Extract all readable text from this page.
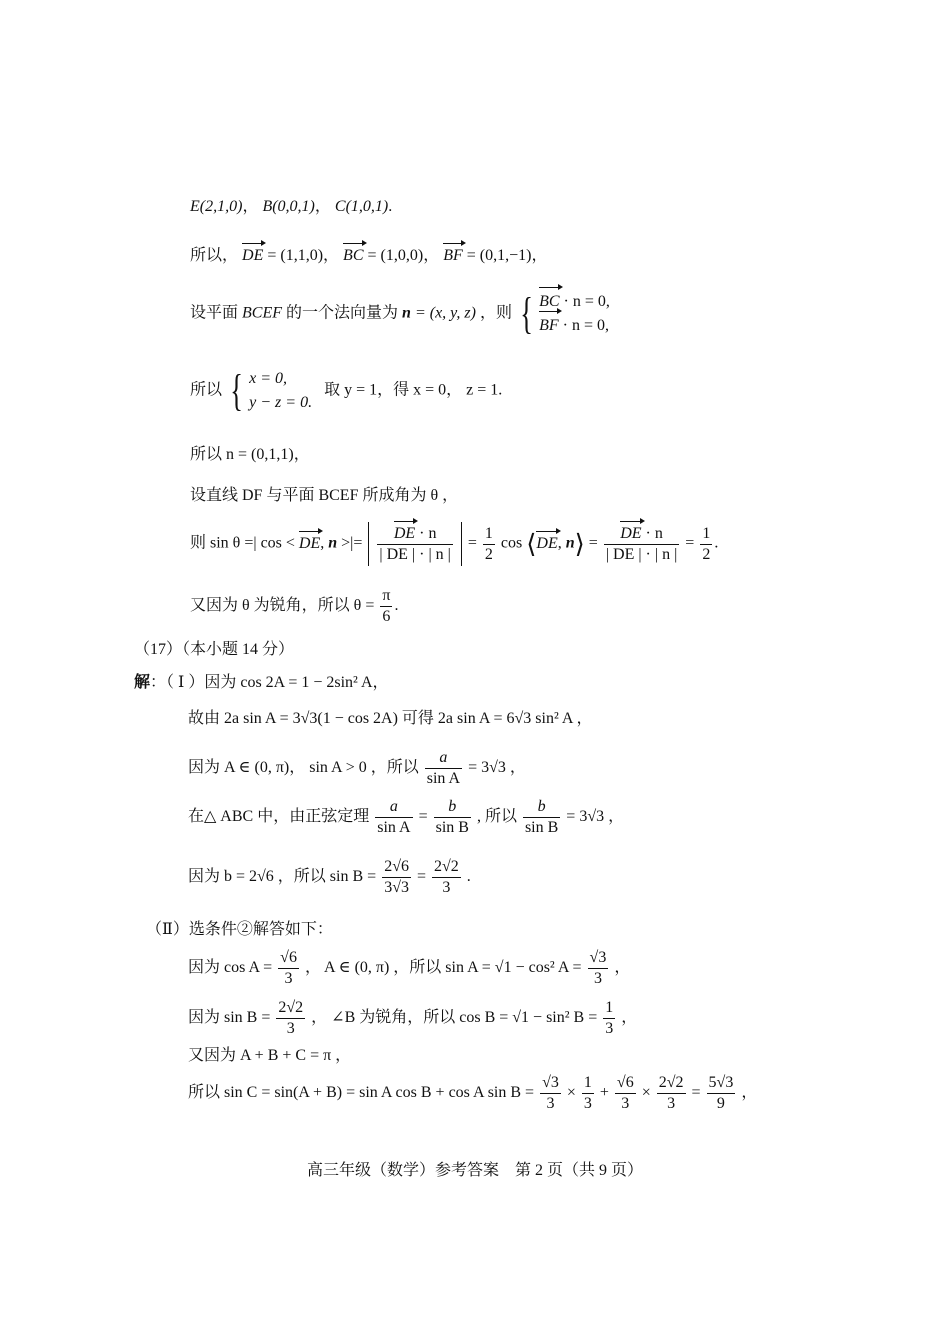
E(2,1,0)， B(0,0,1)， C(1,0,1).
所以， DE = (1,1,0)， BC = (1,0,0)， BF = (0,1,−1)，
设平面 BCEF 的一个法向量为 n = (x, y, z) ，则 { BC · n = 0,
BF · n = 0,
所以 { x = 0,
y − z = 0.
取 y = 1，得 x = 0， z = 1.
所以 n = (0,1,1)，
设直线 DF 与平面 BCEF 所成角为 θ ，
则 sin θ =| cos < DE, n >|= $\frac{DE \cdot n}{| DE | \cdot | n |} = \frac{1}{2}$ cos ⟨DE, n⟩ = $\frac{DE \cdot n}{| DE | \cdot | n |} = \frac{1}{2}$ .
又因为 θ 为锐角，所以 $\theta = \frac{\pi}{6}$ .
（17）（本小题 14 分）
解：（ Ⅰ ）因为 cos 2A = 1 − 2sin² A，
故由 2a sin A = 3√3(1 − cos 2A) 可得 2a sin A = 6√3 sin² A ，
因为 A ∈ (0, π)， sin A > 0 ，所以 $\frac{a}{\text{sin A}} = 3√3$ ，
在△ ABC 中，由正弦定理 $\frac{a}{\text{sin A}} = \frac{b}{\text{sin B}}$ , 所以 $\frac{b}{\text{sin B}} = 3√3$ ，
因为 b = 2√6 ，所以 $\sin B = \frac{2√6}{3√3} = \frac{2√2}{3}$ .
（Ⅱ）选条件②解答如下：
因为 $\cos A = \frac{√6}{3}$ ， A ∈ (0, π) ，所以 sin A = √1 − cos² $A = \frac{√3}{3}$ ，
因为 $\sin B = \frac{2√2}{3}$ ， ∠B 为锐角，所以 cos B = √1 − sin² $B = \frac{1}{3}$ ，
又因为 A + B + C = π ，
所以 sin C = sin(A + B) = sin A cos B + cos A $\sin B = \frac{√3}{3} \times \frac{1}{3} + \frac{√6}{3} \times \frac{2√2}{3} = \frac{5√3}{9}$ ，
高三年级（数学）参考答案　第 2 页（共 9 页）
